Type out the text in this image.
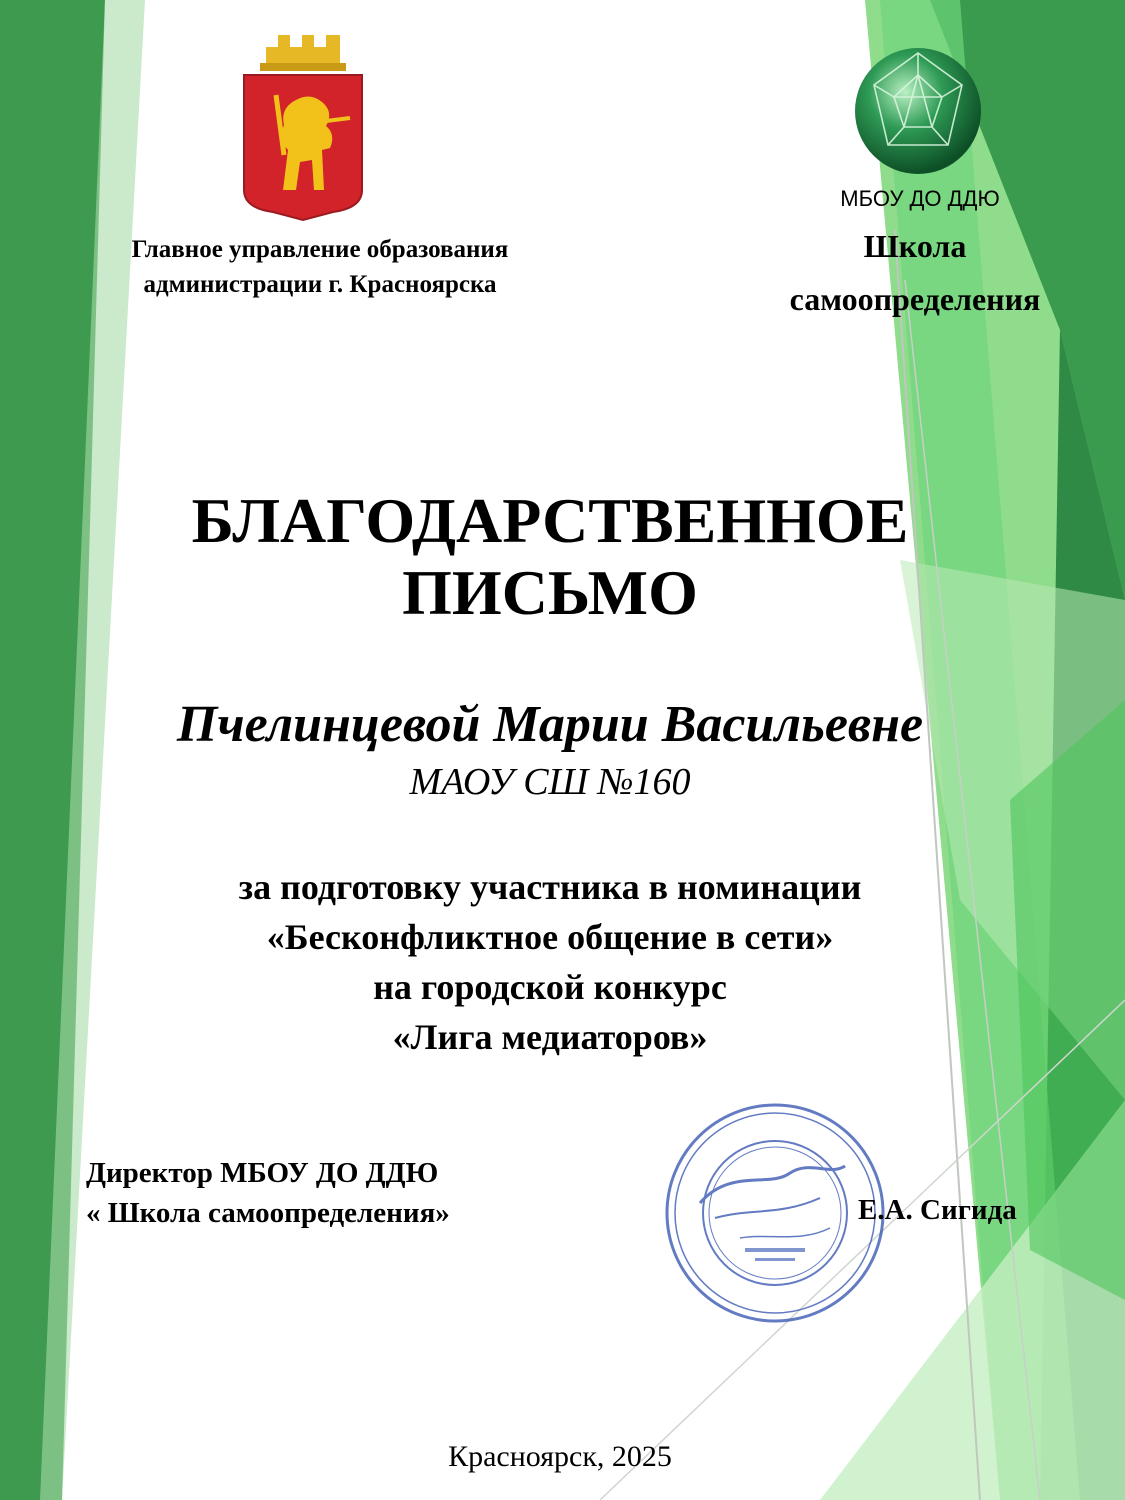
Главное управление образования
администрации г. Красноярска
МБОУ ДО ДДЮ
Школа
самоопределения
БЛАГОДАРСТВЕННОЕ
ПИСЬМО
Пчелинцевой Марии Васильевне
МАОУ СШ №160
за подготовку участника в номинации
«Бесконфликтное общение в сети»
на городской конкурс
«Лига медиаторов»
Директор МБОУ ДО ДДЮ
« Школа самоопределения»	Е.А. Сигида
Красноярск, 2025
